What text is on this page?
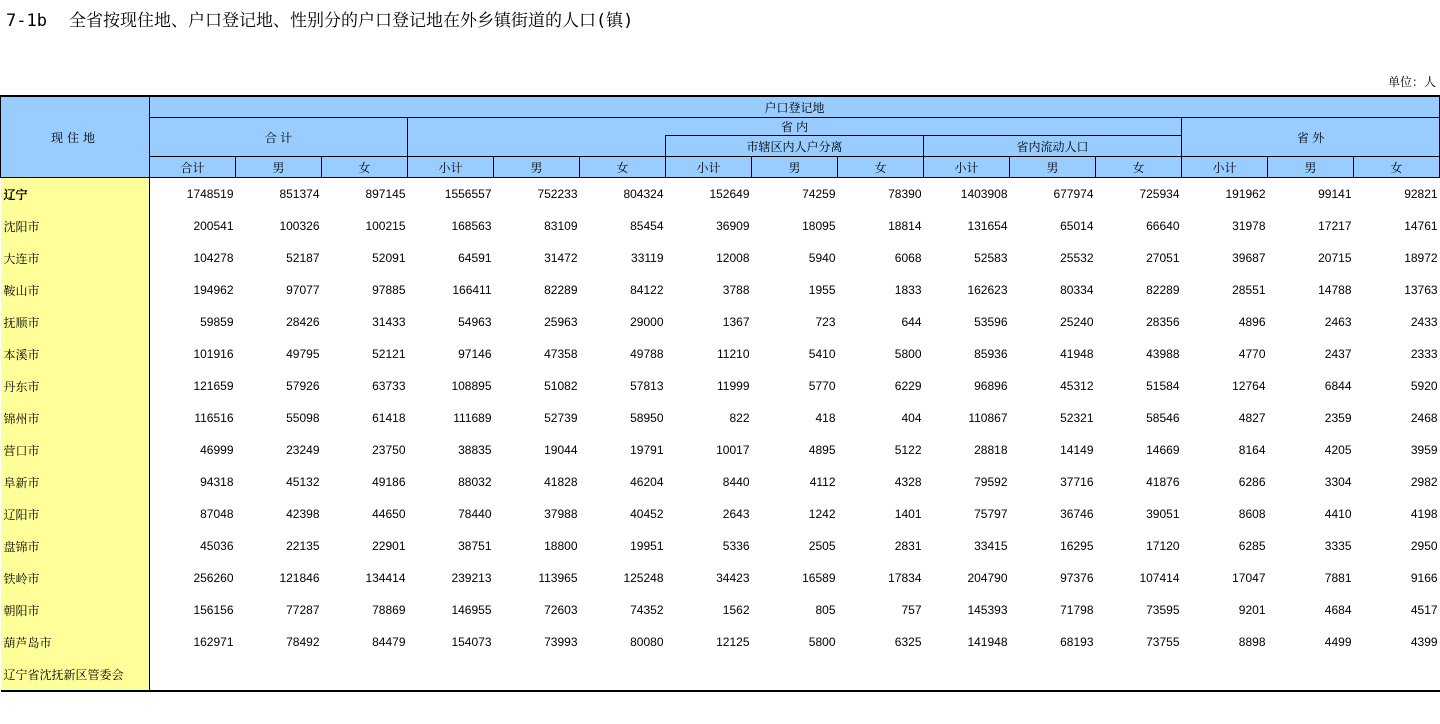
7-1b 全省按现住地、户口登记地、性别分的户口登记地在外乡镇街道的人口(镇)
单位：人
现住地	户口登记地														
	合 计			省 内									省 外		
							市辖区内人户分离			省内流动人口					
	合计	男	女	小计	男	女	小计	男	女	小计	男	女	小计	男	女
辽宁	1748519	851374	897145	1556557	752233	804324	152649	74259	78390	1403908	677974	725934	191962	99141	92821
沈阳市	200541	100326	100215	168563	83109	85454	36909	18095	18814	131654	65014	66640	31978	17217	14761
大连市	104278	52187	52091	64591	31472	33119	12008	5940	6068	52583	25532	27051	39687	20715	18972
鞍山市	194962	97077	97885	166411	82289	84122	3788	1955	1833	162623	80334	82289	28551	14788	13763
抚顺市	59859	28426	31433	54963	25963	29000	1367	723	644	53596	25240	28356	4896	2463	2433
本溪市	101916	49795	52121	97146	47358	49788	11210	5410	5800	85936	41948	43988	4770	2437	2333
丹东市	121659	57926	63733	108895	51082	57813	11999	5770	6229	96896	45312	51584	12764	6844	5920
锦州市	116516	55098	61418	111689	52739	58950	822	418	404	110867	52321	58546	4827	2359	2468
营口市	46999	23249	23750	38835	19044	19791	10017	4895	5122	28818	14149	14669	8164	4205	3959
阜新市	94318	45132	49186	88032	41828	46204	8440	4112	4328	79592	37716	41876	6286	3304	2982
辽阳市	87048	42398	44650	78440	37988	40452	2643	1242	1401	75797	36746	39051	8608	4410	4198
盘锦市	45036	22135	22901	38751	18800	19951	5336	2505	2831	33415	16295	17120	6285	3335	2950
铁岭市	256260	121846	134414	239213	113965	125248	34423	16589	17834	204790	97376	107414	17047	7881	9166
朝阳市	156156	77287	78869	146955	72603	74352	1562	805	757	145393	71798	73595	9201	4684	4517
葫芦岛市	162971	78492	84479	154073	73993	80080	12125	5800	6325	141948	68193	73755	8898	4499	4399
辽宁省沈抚新区管委会															
